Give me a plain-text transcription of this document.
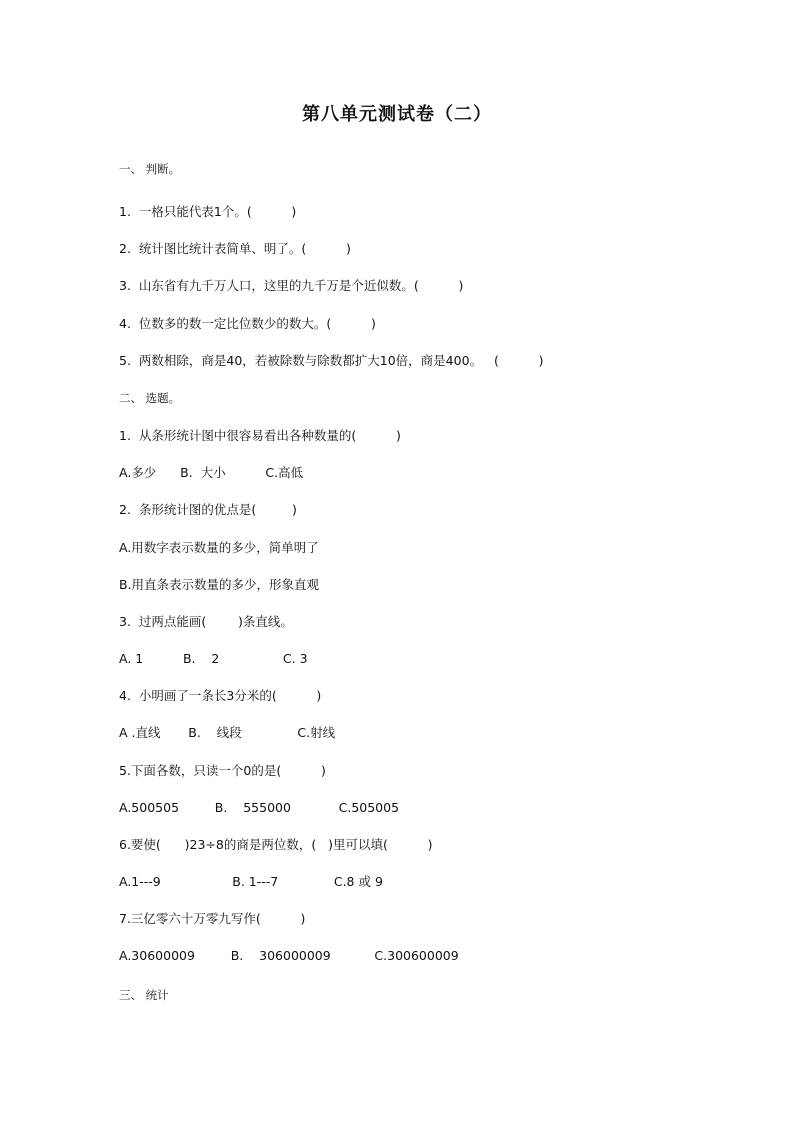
第八单元测试卷（二）
一、 判断。
1.  一格只能代表1个。(          )
2.  统计图比统计表简单、明了。(          )
3.  山东省有九千万人口，这里的九千万是个近似数。(          )
4.  位数多的数一定比位数少的数大。(          )
5.  两数相除，商是40，若被除数与除数都扩大10倍，商是400。   (          )
二、 选题。
1.  从条形统计图中很容易看出各种数量的(          )
A.多少      B.  大小          C.高低
2.  条形统计图的优点是(         )
A.用数字表示数量的多少，简单明了
B.用直条表示数量的多少，形象直观
3.  过两点能画(        )条直线。
A. 1          B.    2                C. 3
4.  小明画了一条长3分米的(          )
A .直线       B.    线段              C.射线
5.下面各数，只读一个0的是(          )
A.500505         B.    555000            C.505005
6.要使(      )23÷8的商是两位数，(   )里可以填(          )
A.1---9                  B. 1---7              C.8 或 9
7.三亿零六十万零九写作(          )
A.30600009         B.    306000009           C.300600009
三、 统计
